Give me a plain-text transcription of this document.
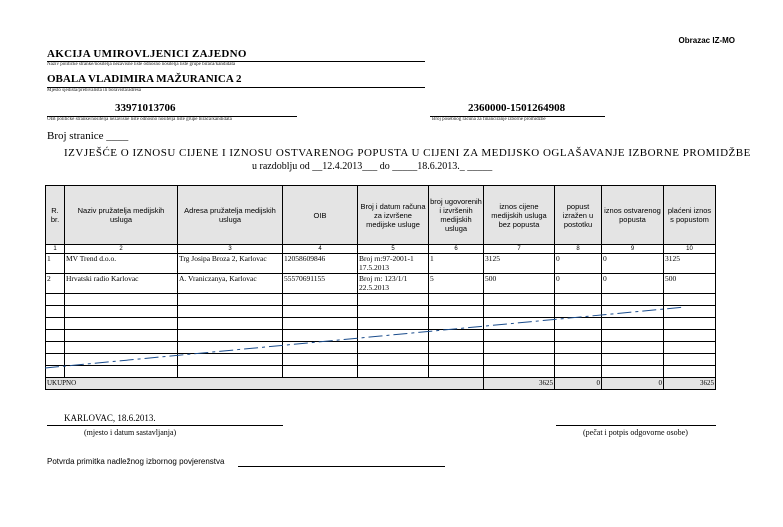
Obrazac IZ-MO
AKCIJA UMIROVLJENICI ZAJEDNO
Naziv političke stranke/nositelja nezavisne liste odnosno nositelja liste grupe birača/kandidata
OBALA VLADIMIRA MAŽURANICA 2
Mjesto sjedišta/prebivališta ili boravišta/adresa
33971013706
OIB političke stranke/nositelja nezavisne liste odnosno nositelja liste grupe birača/kandidata
2360000-1501264908
Broj posebnog računa za financiranje izborne promidžbe
Broj stranice ____
IZVJEŠĆE O IZNOSU CIJENE I IZNOSU OSTVARENOG POPUSTA U CIJENI ZA MEDIJSKO OGLAŠAVANJE IZBORNE PROMIDŽBE
u razdoblju od __12.4.2013___ do _____18.6.2013._ _____
R. br.	Naziv pružatelja medijskih usluga	Adresa pružatelja medijskih usluga	OIB	Broj i datum računa za izvršene medijske usluge	broj ugovorenih i izvršenih medijskih usluga	iznos cijene medijskih usluga bez popusta	popust izražen u postotku	iznos ostvarenog popusta	plaćeni iznos s popustom
1	2	3	4	5	6	7	8	9	10
1	MV Trend d.o.o.	Trg Josipa Broza 2, Karlovac	12058609846	Broj rn:97-2001-1 17.5.2013	1	3125	0	0	3125
2	Hrvatski radio Karlovac	A. Vraniczanya, Karlovac	55570691155	Broj rn: 123/1/1 22.5.2013	5	500	0	0	500

UKUPNO						3625	0	0	3625
KARLOVAC, 18.6.2013.
(mjesto i datum sastavljanja)	(pečat i potpis odgovorne osobe)
Potvrda primitka nadležnog izbornog povjerenstva
